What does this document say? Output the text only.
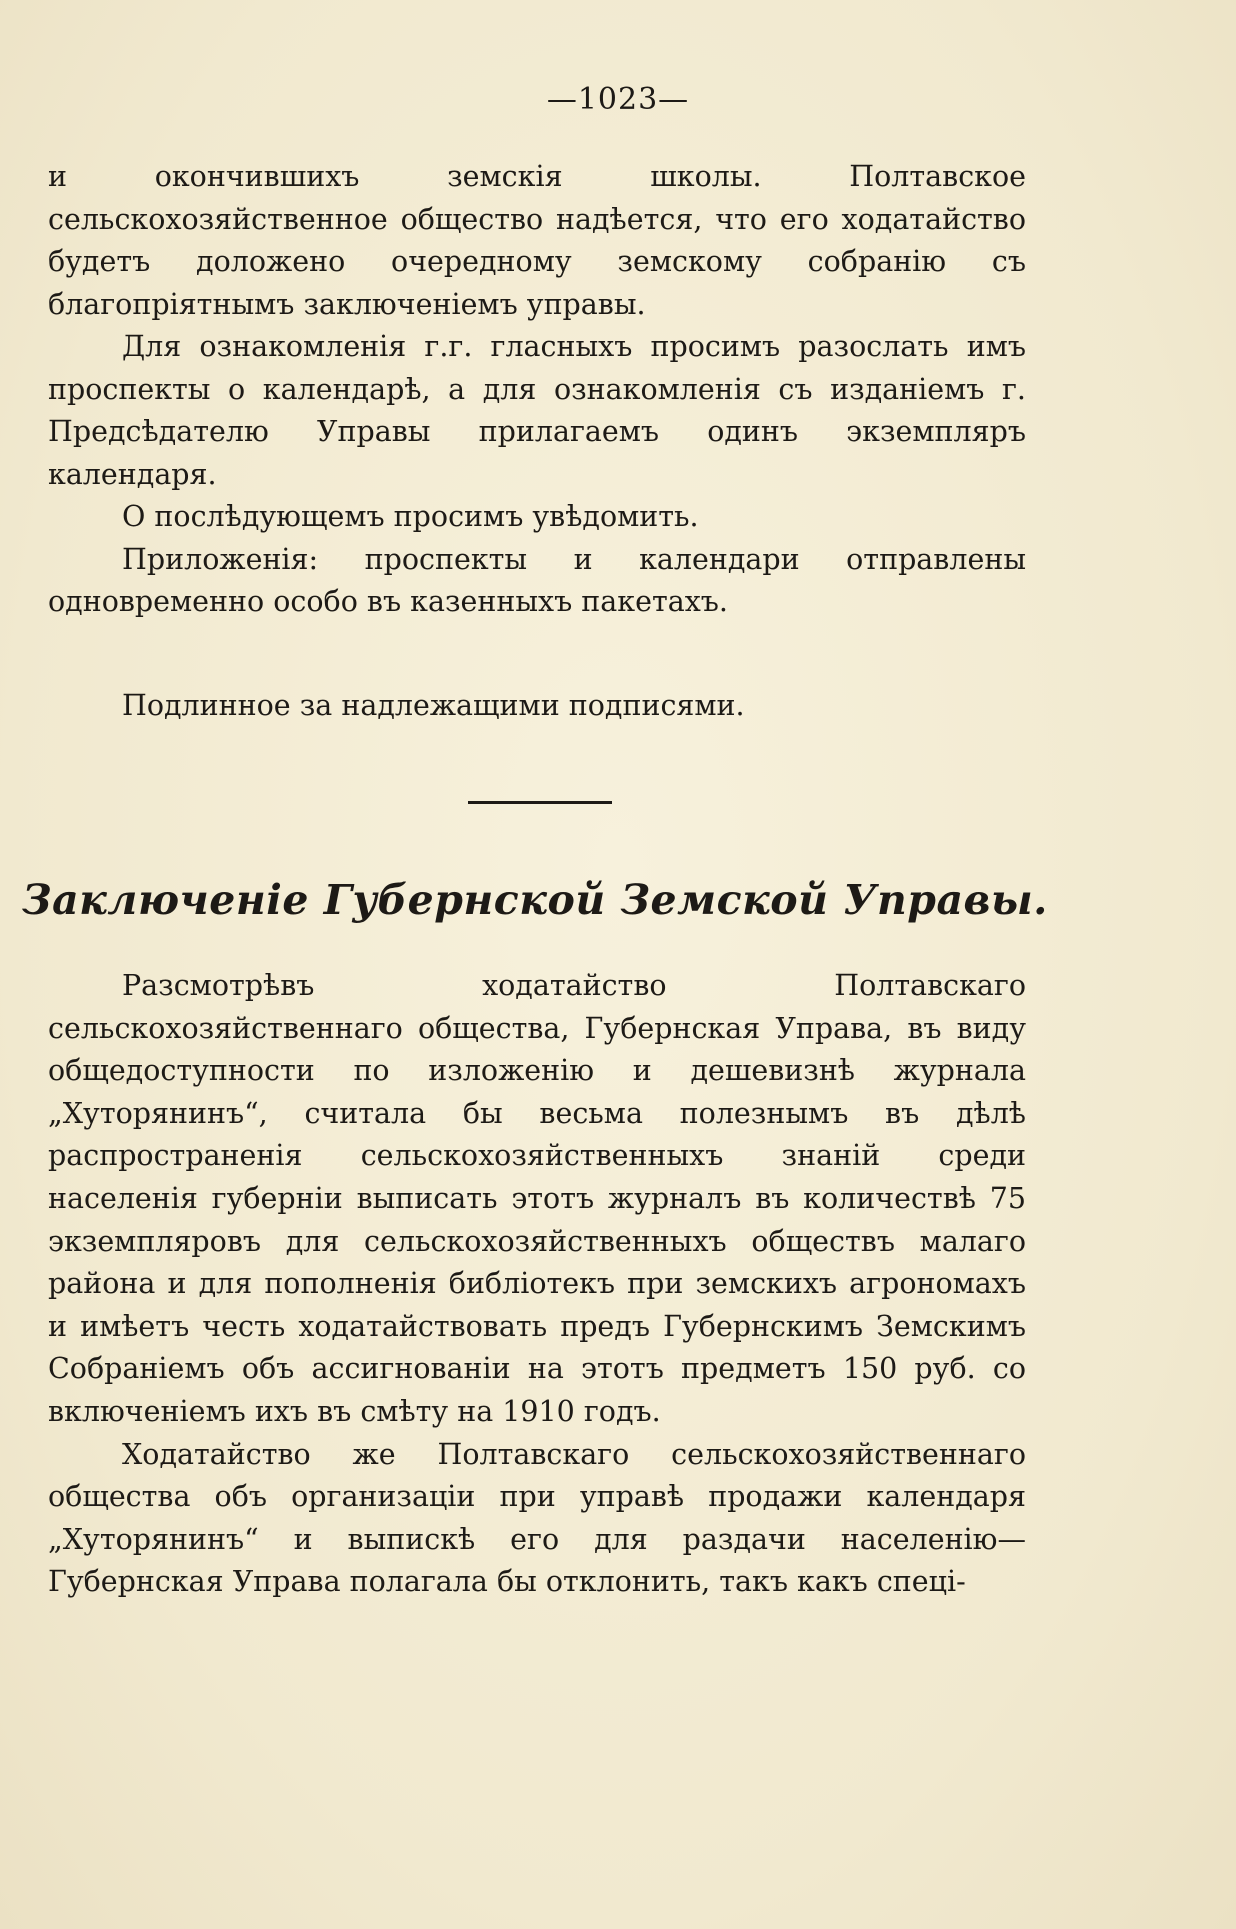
—1023—

и окончившихъ земскія школы. Полтавское сельскохозяйственное общество надѣется, что его ходатайство будетъ доложено очередному земскому собранію съ благопріятнымъ заключеніемъ управы.

Для ознакомленія г.г. гласныхъ просимъ разослать имъ проспекты о календарѣ, а для ознакомленія съ изданіемъ г. Предсѣдателю Управы прилагаемъ одинъ экземпляръ календаря.

О послѣдующемъ просимъ увѣдомить.

Приложенія: проспекты и календари отправлены одновременно особо въ казенныхъ пакетахъ.

Подлинное за надлежащими подписями.
Заключеніе Губернской Земской Управы.

Разсмотрѣвъ ходатайство Полтавскаго сельскохозяйственнаго общества, Губернская Управа, въ виду общедоступности по изложенію и дешевизнѣ журнала „Хуторянинъ“, считала бы весьма полезнымъ въ дѣлѣ распространенія сельскохозяйственныхъ знаній среди населенія губерніи выписать этотъ журналъ въ количествѣ 75 экземпляровъ для сельскохозяйственныхъ обществъ малаго района и для пополненія библіотекъ при земскихъ агрономахъ и имѣетъ честь ходатайствовать предъ Губернскимъ Земскимъ Собраніемъ объ ассигнованіи на этотъ предметъ 150 руб. со включеніемъ ихъ въ смѣту на 1910 годъ.

Ходатайство же Полтавскаго сельскохозяйственнаго общества объ организаціи при управѣ продажи календаря „Хуторянинъ“ и выпискѣ его для раздачи населенію—Губернская Управа полагала бы отклонить, такъ какъ спеці-
